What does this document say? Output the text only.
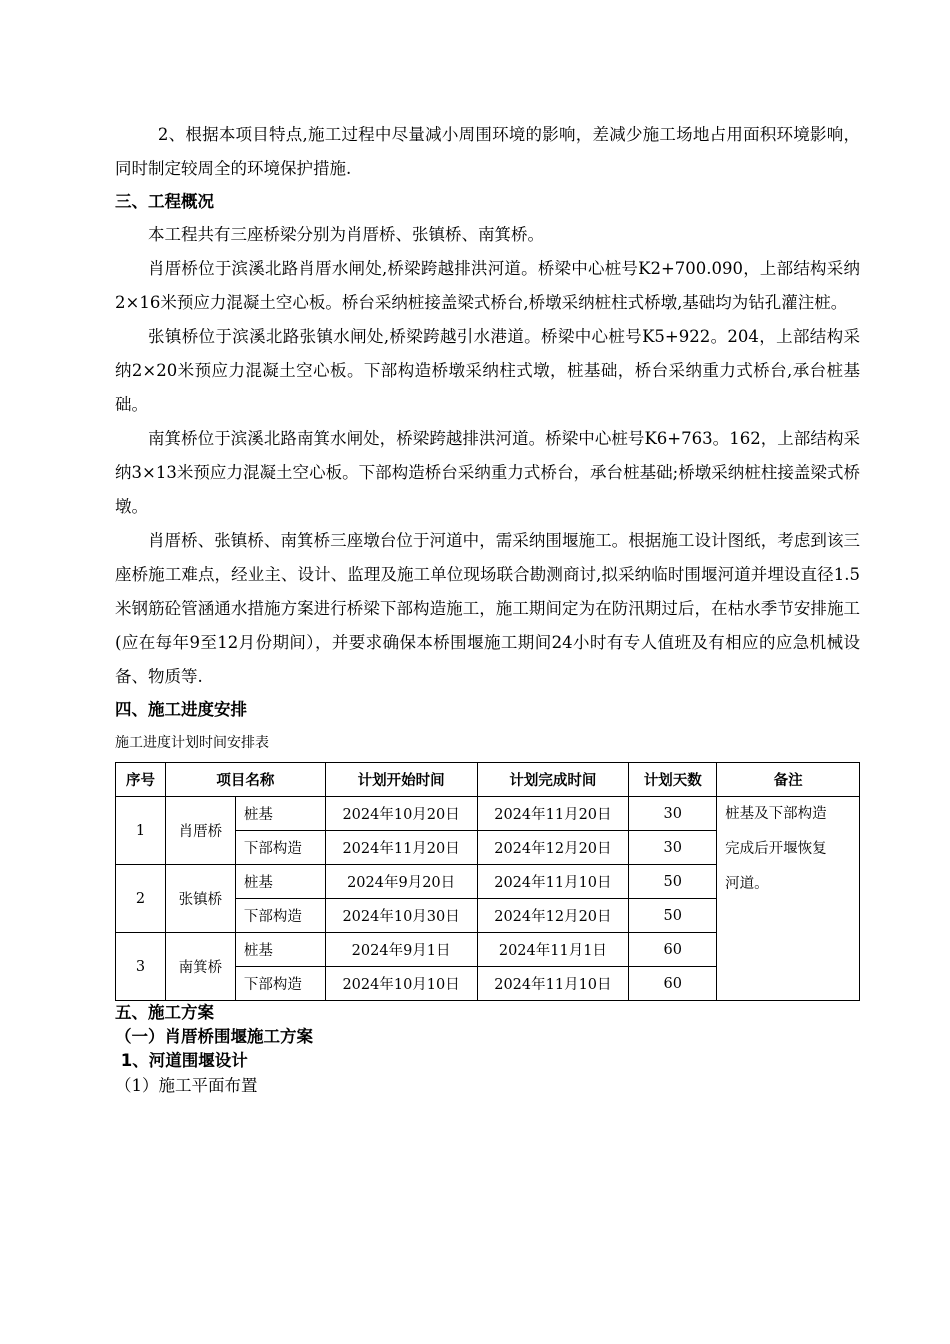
2、根据本项目特点,施工过程中尽量减小周围环境的影响，差减少施工场地占用面积环境影响，同时制定较周全的环境保护措施.

三、工程概况

本工程共有三座桥梁分别为肖厝桥、张镇桥、南箕桥。

肖厝桥位于滨溪北路肖厝水闸处,桥梁跨越排洪河道。桥梁中心桩号K2+700.090，上部结构采纳2×16米预应力混凝土空心板。桥台采纳桩接盖梁式桥台,桥墩采纳桩柱式桥墩,基础均为钻孔灌注桩。

张镇桥位于滨溪北路张镇水闸处,桥梁跨越引水港道。桥梁中心桩号K5+922。204，上部结构采纳2×20米预应力混凝土空心板。下部构造桥墩采纳柱式墩，桩基础，桥台采纳重力式桥台,承台桩基础。

南箕桥位于滨溪北路南箕水闸处，桥梁跨越排洪河道。桥梁中心桩号K6+763。162，上部结构采纳3×13米预应力混凝土空心板。下部构造桥台采纳重力式桥台，承台桩基础;桥墩采纳桩柱接盖梁式桥墩。

肖厝桥、张镇桥、南箕桥三座墩台位于河道中，需采纳围堰施工。根据施工设计图纸，考虑到该三座桥施工难点，经业主、设计、监理及施工单位现场联合勘测商讨,拟采纳临时围堰河道并埋设直径1.5米钢筋砼管涵通水措施方案进行桥梁下部构造施工，施工期间定为在防汛期过后，在枯水季节安排施工(应在每年9至12月份期间），并要求确保本桥围堰施工期间24小时有专人值班及有相应的应急机械设备、物质等.

四、施工进度安排

施工进度计划时间安排表

序号	项目名称		计划开始时间	计划完成时间	计划天数	备注
1	肖厝桥	桩基	2024年10月20日	2024年11月20日	30	桩基及下部构造
完成后开堰恢复
河道。

		下部构造	2024年11月20日	2024年12月20日	30	
2	张镇桥	桩基	2024年9月20日	2024年11月10日	50	
		下部构造	2024年10月30日	2024年12月20日	50	
3	南箕桥	桩基	2024年9月1日	2024年11月1日	60	
		下部构造	2024年10月10日	2024年11月10日	60	

五、施工方案

（一）肖厝桥围堰施工方案

1、河道围堰设计

（1）施工平面布置
